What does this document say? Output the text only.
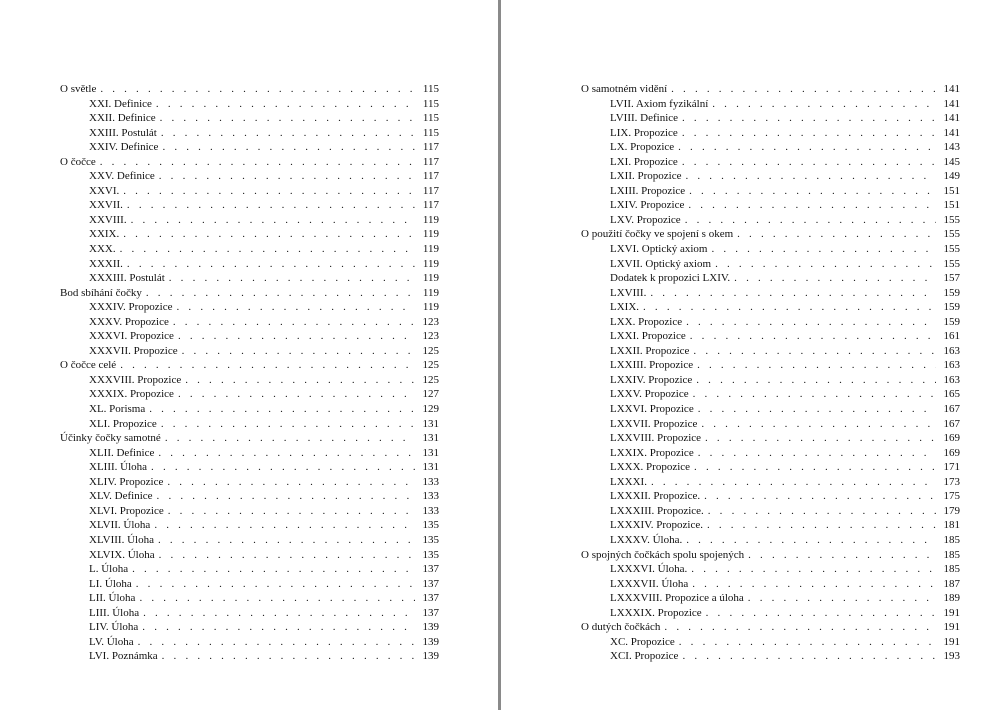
O světle . . .	115
XXI. Definice . . .	115
XXII. Definice . . .	115
XXIII. Postulát . . .	115
XXIV. Definice . . .	117
O čočce . . .	117
XXV. Definice . . .	117
XXVI. . . .	117
XXVII. . . .	117
XXVIII. . . .	119
XXIX. . . .	119
XXX. . . .	119
XXXII. . . .	119
XXXIII. Postulát . . .	119
Bod sbíhání čočky . . .	119
XXXIV. Propozice . . .	119
XXXV. Propozice . . .	123
XXXVI. Propozice . . .	123
XXXVII. Propozice . . .	125
O čočce celé . . .	125
XXXVIII. Propozice . . .	125
XXXIX. Propozice . . .	127
XL. Porisma . . .	129
XLI. Propozice . . .	131
Účinky čočky samotné . . .	131
XLII. Definice . . .	131
XLIII. Úloha . . .	131
XLIV. Propozice . . .	133
XLV. Definice . . .	133
XLVI. Propozice . . .	133
XLVII. Úloha . . .	135
XLVIII. Úloha . . .	135
XLVIX. Úloha . . .	135
L. Úloha . . .	137
LI. Úloha . . .	137
LII. Úloha . . .	137
LIII. Úloha . . .	137
LIV. Úloha . . .	139
LV. Úloha . . .	139
LVI. Poznámka . . .	139
O samotném vidění . . .	141
LVII. Axiom fyzikální . . .	141
LVIII. Definice . . .	141
LIX. Propozice . . .	141
LX. Propozice . . .	143
LXI. Propozice . . .	145
LXII. Propozice . . .	149
LXIII. Propozice . . .	151
LXIV. Propozice . . .	151
LXV. Propozice . . .	155
O použití čočky ve spojení s okem . . .	155
LXVI. Optický axiom . . .	155
LXVII. Optický axiom . . .	155
Dodatek k propozici LXIV. . . .	157
LXVIII. . . .	159
LXIX. . . .	159
LXX. Propozice . . .	159
LXXI. Propozice . . .	161
LXXII. Propozice . . .	163
LXXIII. Propozice . . .	163
LXXIV. Propozice . . .	163
LXXV. Propozice . . .	165
LXXVI. Propozice . . .	167
LXXVII. Propozice . . .	167
LXXVIII. Propozice . . .	169
LXXIX. Propozice . . .	169
LXXX. Propozice . . .	171
LXXXI. . . .	173
LXXXII. Propozice. . . .	175
LXXXIII. Propozice. . . .	179
LXXXIV. Propozice. . . .	181
LXXXV. Úloha. . . .	185
O spojných čočkách spolu spojených . . .	185
LXXXVI. Úloha. . . .	185
LXXXVII. Úloha . . .	187
LXXXVIII. Propozice a úloha . . .	189
LXXXIX. Propozice . . .	191
O dutých čočkách . . .	191
XC. Propozice . . .	191
XCI. Propozice . . .	193
